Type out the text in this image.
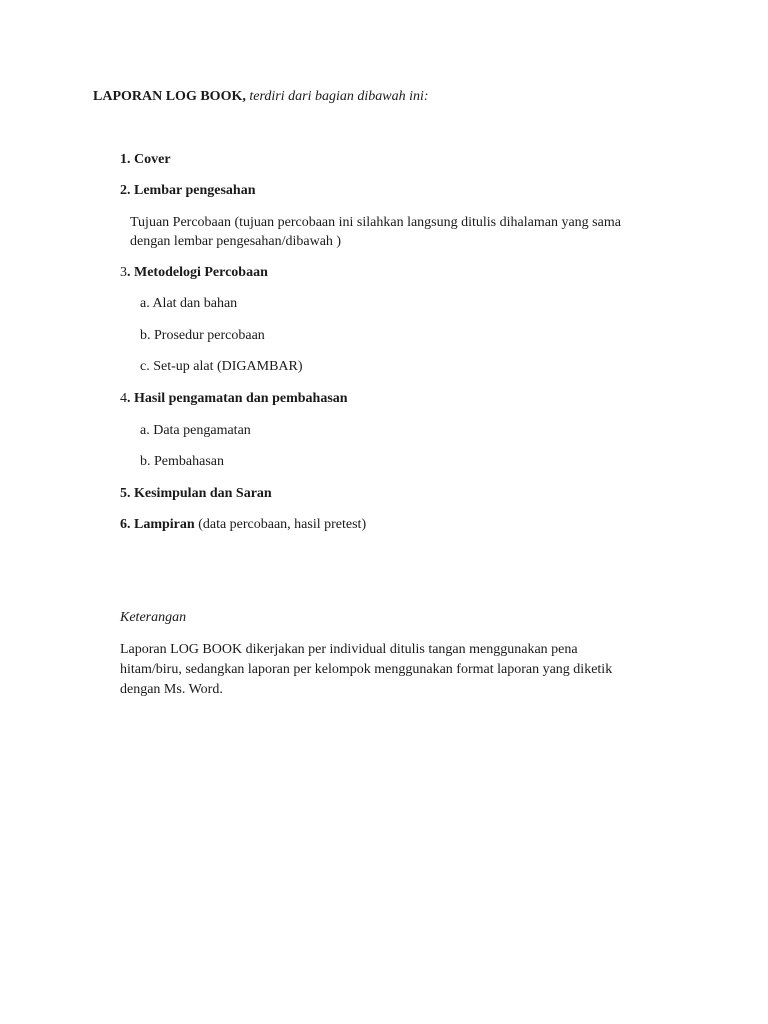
LAPORAN LOG BOOK, terdiri dari bagian dibawah ini:
1. Cover
2. Lembar pengesahan
Tujuan Percobaan (tujuan percobaan ini silahkan langsung ditulis dihalaman yang sama
dengan lembar pengesahan/dibawah )
3. Metodelogi Percobaan
a. Alat dan bahan
b. Prosedur percobaan
c. Set-up alat (DIGAMBAR)
4. Hasil pengamatan dan pembahasan
a. Data pengamatan
b. Pembahasan
5. Kesimpulan dan Saran
6. Lampiran (data percobaan, hasil pretest)
Keterangan
Laporan LOG BOOK dikerjakan per individual ditulis tangan menggunakan pena
hitam/biru, sedangkan laporan per kelompok menggunakan format laporan yang diketik
dengan Ms. Word.
